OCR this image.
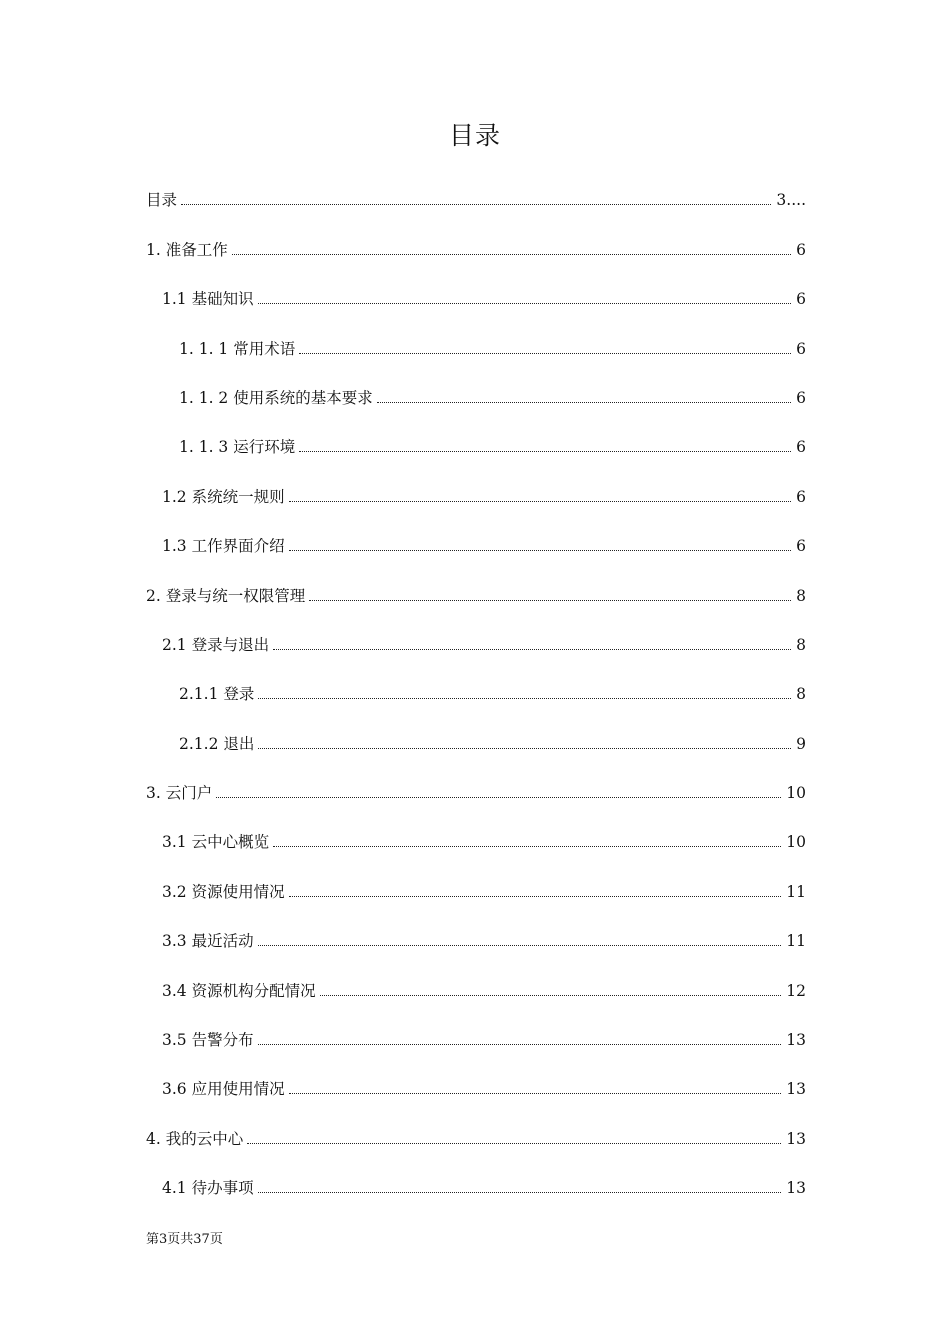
目录
目录	3....
1. 准备工作	6
1.1 基础知识	6
1. 1. 1 常用术语	6
1. 1. 2 使用系统的基本要求	6
1. 1. 3 运行环境	6
1.2 系统统一规则	6
1.3 工作界面介绍	6
2. 登录与统一权限管理	8
2.1 登录与退出	8
2.1.1 登录	8
2.1.2 退出	9
3. 云门户	10
3.1 云中心概览	10
3.2 资源使用情况	11
3.3 最近活动	11
3.4 资源机构分配情况	12
3.5 告警分布	13
3.6 应用使用情况	13
4. 我的云中心	13
4.1 待办事项	13
第3页共37页
